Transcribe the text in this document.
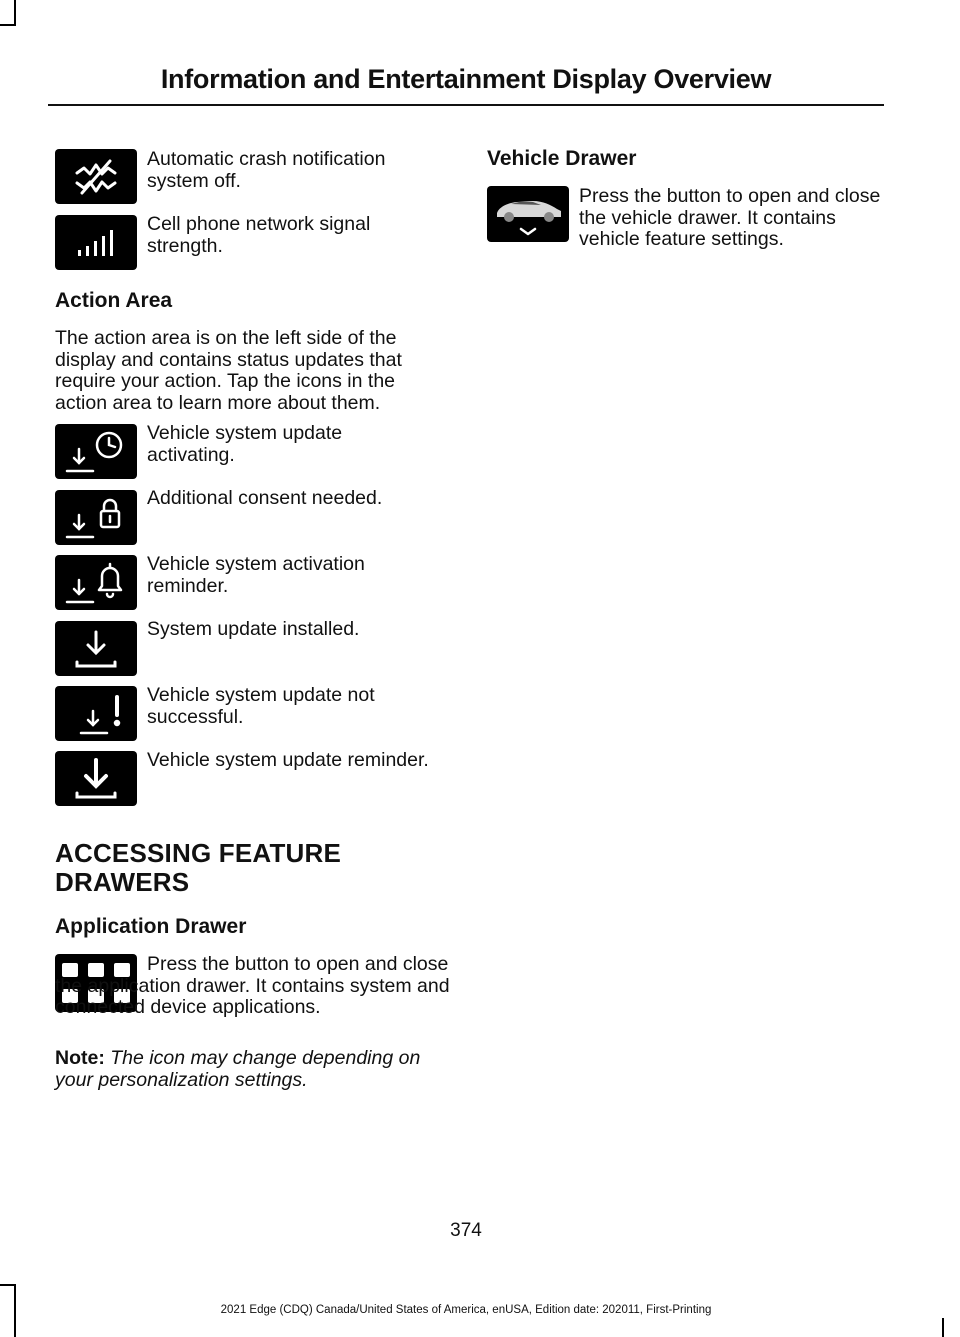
Information and Entertainment Display Overview

Automatic crash notification system off.

Cell phone network signal strength.

Action Area

The action area is on the left side of the display and contains status updates that require your action. Tap the icons in the action area to learn more about them.

Vehicle system update activating.

Additional consent needed.

Vehicle system activation reminder.

System update installed.

Vehicle system update not successful.

Vehicle system update reminder.

ACCESSING FEATURE
DRAWERS
Application Drawer

Press the button to open and close the application drawer. It contains system and connected device applications.

Note: The icon may change depending on your personalization settings.

Vehicle Drawer

Press the button to open and close the vehicle drawer. It contains vehicle feature settings.

374

2021 Edge (CDQ) Canada/United States of America, enUSA, Edition date: 202011, First-Printing
